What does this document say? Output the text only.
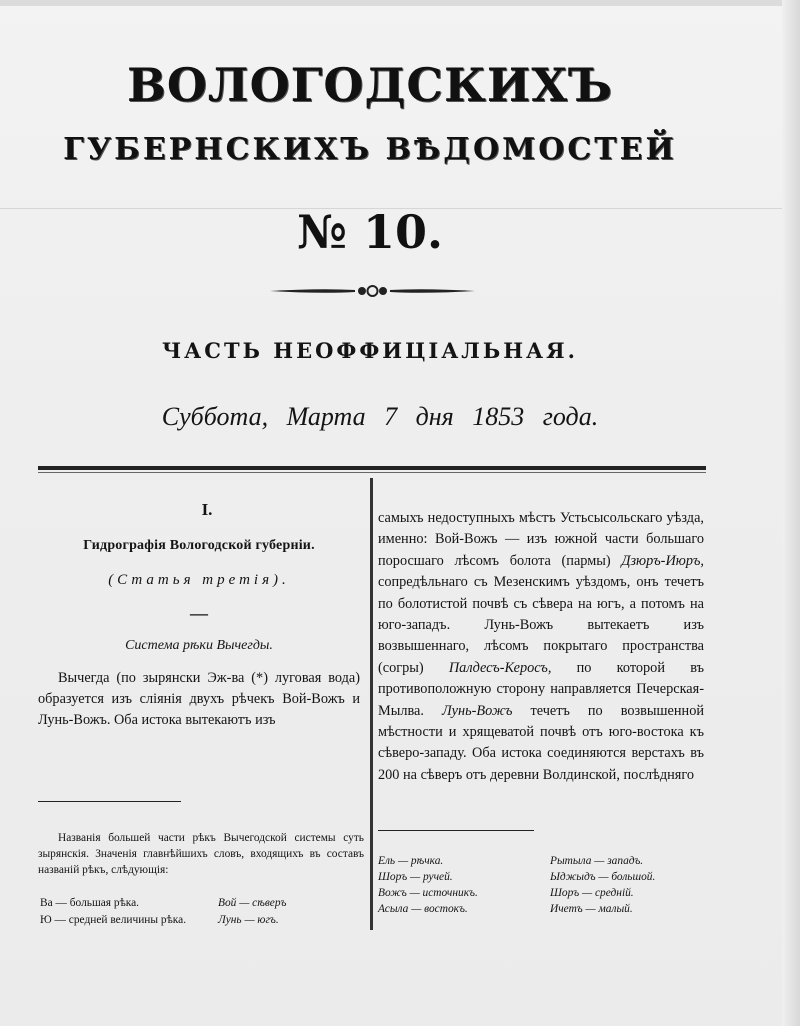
ВОЛОГОДСКИХЪ
ГУБЕРНСКИХЪ ВѢДОМОСТЕЙ
№ 10.
ЧАСТЬ НЕОФФИЦІАЛЬНАЯ.
Суббота, Марта 7 дня 1853 года.
I.
Гидрографія Вологодской губерніи.
(Статья третія).
—
Система рѣки Вычегды.

Вычегда (по зырянски Эж-ва (*) луговая вода) образуется изъ сліянія двухъ рѣчекъ Вой-Вожъ и Лунь-Вожъ. Оба истока вытекаютъ изъ

самыхъ недоступныхъ мѣстъ Устьсысольскаго уѣзда, именно: Вой-Вожъ — изъ южной части большаго поросшаго лѣсомъ болота (пармы) Дзюръ-Июръ, сопредѣльнаго съ Мезенскимъ уѣздомъ, онъ течетъ по болотистой почвѣ съ сѣвера на югъ, а потомъ на юго-западъ. Лунь-Вожъ вытекаетъ изъ возвышеннаго, лѣсомъ покрытаго пространства (согры) Палдесъ-Керосъ, по которой въ противоположную сторону направляется Печерская-Мылва. Лунь-Вожъ течетъ по возвышенной мѣстности и хрящеватой почвѣ отъ юго-востока къ сѣверо-западу. Оба истока соединяются верстахъ въ 200 на сѣверъ отъ деревни Волдинской, послѣдняго

Названія большей части рѣкъ Вычегодской системы суть зырянскія. Значенія главнѣйшихъ словъ, входящихъ въ составъ названій рѣкъ, слѣдующія:

Ва — большая рѣка.	Вой — сѣверъ
Ю — средней величины рѣка.	Лунь — югъ.
Ель — рѣчка.	Рытыла — западъ.
Шоръ — ручей.	Ыджыдъ — большой.
Вожъ — источникъ.	Шоръ — средній.
Асыла — востокъ.	Ичетъ — малый.
